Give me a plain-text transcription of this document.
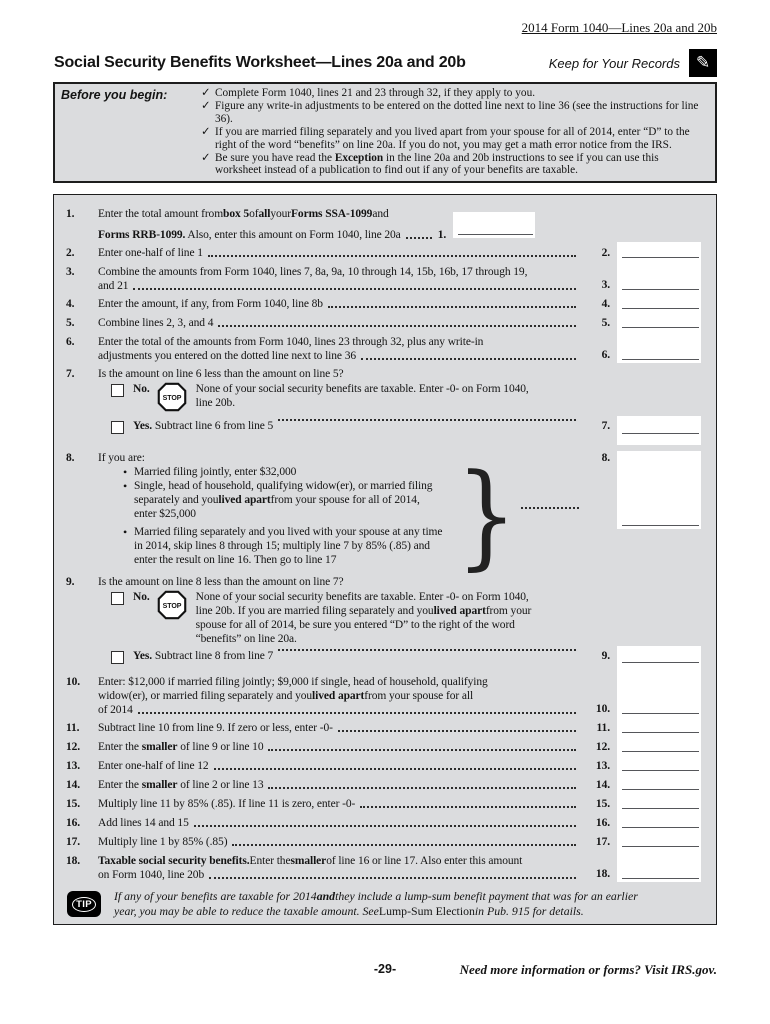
2014 Form 1040—Lines 20a and 20b
Social Security Benefits Worksheet—Lines 20a and 20b	Keep for Your Records ✎
Before you begin:	✓ Complete Form 1040, lines 21 and 23 through 32, if they apply to you.
✓ Figure any write-in adjustments to be entered on the dotted line next to line 36 (see the instructions for line 36).
✓ If you are married filing separately and you lived apart from your spouse for all of 2014, enter “D” to the right of the word “benefits” on line 20a. If you do not, you may get a math error notice from the IRS.
✓ Be sure you have read the Exception in the line 20a and 20b instructions to see if you can use this worksheet instead of a publication to find out if any of your benefits are taxable.
1.	Enter the total amount from box 5 of all your Forms SSA-1099 and
Forms RRB-1099. Also, enter this amount on Form 1040, line 20a	1.
2.	Enter one-half of line 1	2.
3.	Combine the amounts from Form 1040, lines 7, 8a, 9a, 10 through 14, 15b, 16b, 17 through 19,
and 21	3.
4.	Enter the amount, if any, from Form 1040, line 8b	4.
5.	Combine lines 2, 3, and 4	5.
6.	Enter the total of the amounts from Form 1040, lines 23 through 32, plus any write-in
adjustments you entered on the dotted line next to line 36	6.
7.	Is the amount on line 6 less than the amount on line 5?
No.
STOP
None of your social security benefits are taxable. Enter -0- on Form 1040,
line 20b.
Yes. Subtract line 6 from line 5	7.
8.	If you are:
• Married filing jointly, enter $32,000
• Single, head of household, qualifying widow(er), or married filing
separately and you lived apart from your spouse for all of 2014,
enter $25,000
• Married filing separately and you lived with your spouse at any time
in 2014, skip lines 8 through 15; multiply line 7 by 85% (.85) and
enter the result on line 16. Then go to line 17 }	8.
9.	Is the amount on line 8 less than the amount on line 7?
No.
STOP
None of your social security benefits are taxable. Enter -0- on Form 1040,
line 20b. If you are married filing separately and you lived apart from your
spouse for all of 2014, be sure you entered “D” to the right of the word
“benefits” on line 20a.
Yes. Subtract line 8 from line 7	9.
10.	Enter: $12,000 if married filing jointly; $9,000 if single, head of household, qualifying
widow(er), or married filing separately and you lived apart from your spouse for all
of 2014	10.
11.	Subtract line 10 from line 9. If zero or less, enter -0-	11.
12.	Enter the smaller of line 9 or line 10	12.
13.	Enter one-half of line 12	13.
14.	Enter the smaller of line 2 or line 13	14.
15.	Multiply line 11 by 85% (.85). If line 11 is zero, enter -0-	15.
16.	Add lines 14 and 15	16.
17.	Multiply line 1 by 85% (.85)	17.
18.	Taxable social security benefits. Enter the smaller of line 16 or line 17. Also enter this amount
on Form 1040, line 20b	18.
TIP
If any of your benefits are taxable for 2014 and they include a lump-sum benefit payment that was for an earlier
year, you may be able to reduce the taxable amount. See Lump-Sum Election in Pub. 915 for details.
-29-	Need more information or forms? Visit IRS.gov.
